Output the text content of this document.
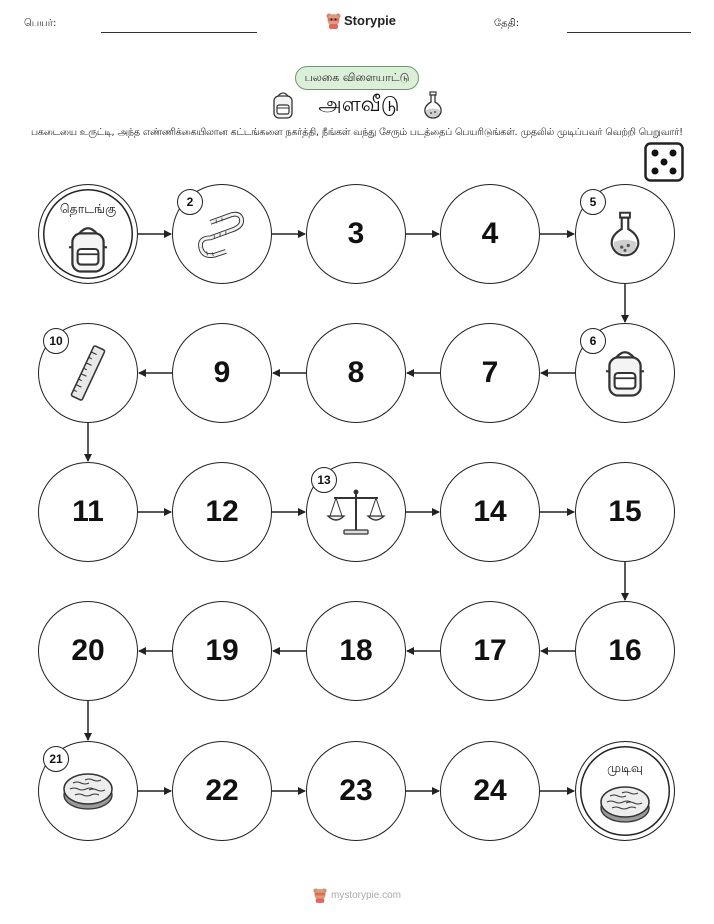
பெயர்:	Storypie	தேதி:
பலகை விளையாட்டு
அளவீடு
பகடையை உருட்டி, அந்த எண்ணிக்கையிலான கட்டங்களை நகர்த்தி, நீங்கள் வந்து சேரும் படத்தைப் பெயரிடுங்கள். முதலில் முடிப்பவர் வெற்றி பெறுவார்!
தொடங்கு	2
3	4
5
6
7
8
9
10
11	12
13
14	15
16
17
18
19
20
21
22	23	24
முடிவு
mystorypie.com
